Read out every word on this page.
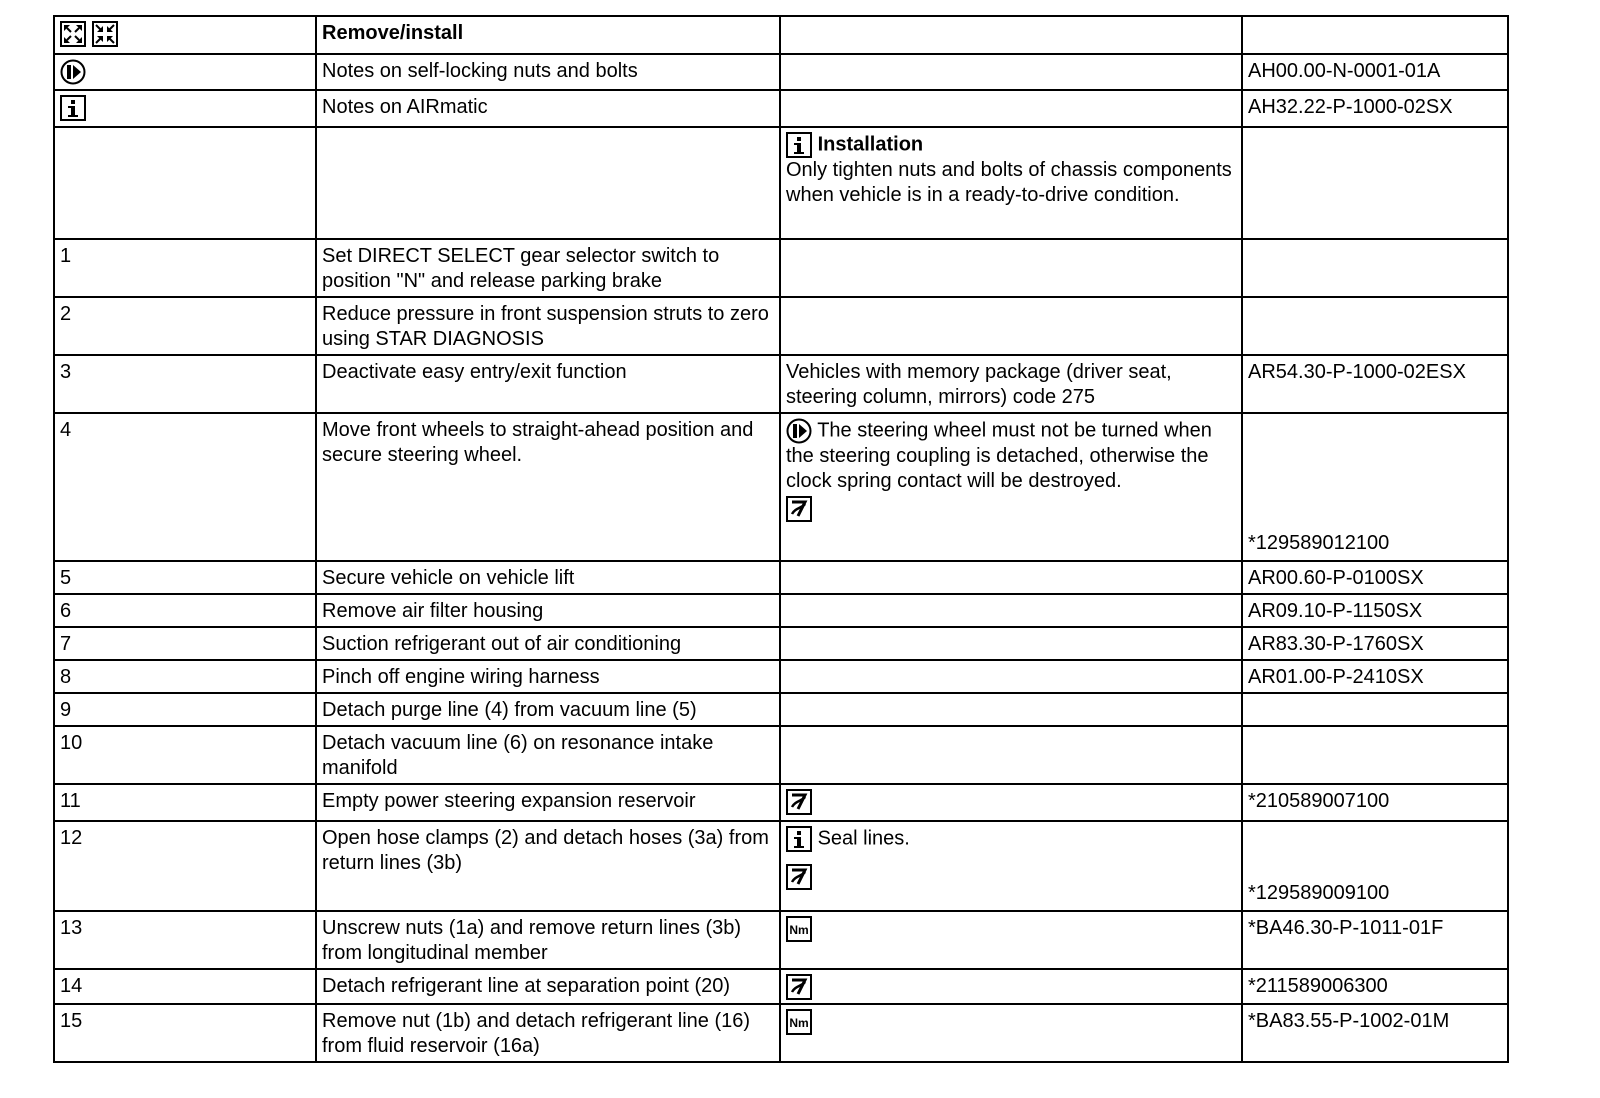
	Remove/install		

	Notes on self-locking nuts and bolts		AH00.00-N-0001-01A

	Notes on AIRmatic		AH32.22-P-1000-02SX

Installation
Only tighten nuts and bolts of chassis components when vehicle is in a ready-to-drive condition.	

1	Set DIRECT SELECT gear selector switch to position "N" and release parking brake		
2	Reduce pressure in front suspension struts to zero using STAR DIAGNOSIS		
3	Deactivate easy entry/exit function	Vehicles with memory package (driver seat, steering column, mirrors) code 275	AR54.30-P-1000-02ESX
4	Move front wheels to straight-ahead position and secure steering wheel.	The steering wheel must not be turned when the steering coupling is detached, otherwise the clock spring contact will be destroyed.	*129589012100
5	Secure vehicle on vehicle lift		AR00.60-P-0100SX
6	Remove air filter housing		AR09.10-P-1150SX
7	Suction refrigerant out of air conditioning		AR83.30-P-1760SX
8	Pinch off engine wiring harness		AR01.00-P-2410SX
9	Detach purge line (4) from vacuum line (5)		
10	Detach vacuum line (6) on resonance intake manifold		
11	Empty power steering expansion reservoir		*210589007100
12	Open hose clamps (2) and detach hoses (3a) from return lines (3b)	Seal lines.	*129589009100
13	Unscrew nuts (1a) and remove return lines (3b) from longitudinal member		*BA46.30-P-1011-01F
14	Detach refrigerant line at separation point (20)		*211589006300
15	Remove nut (1b) and detach refrigerant line (16) from fluid reservoir (16a)		*BA83.55-P-1002-01M
